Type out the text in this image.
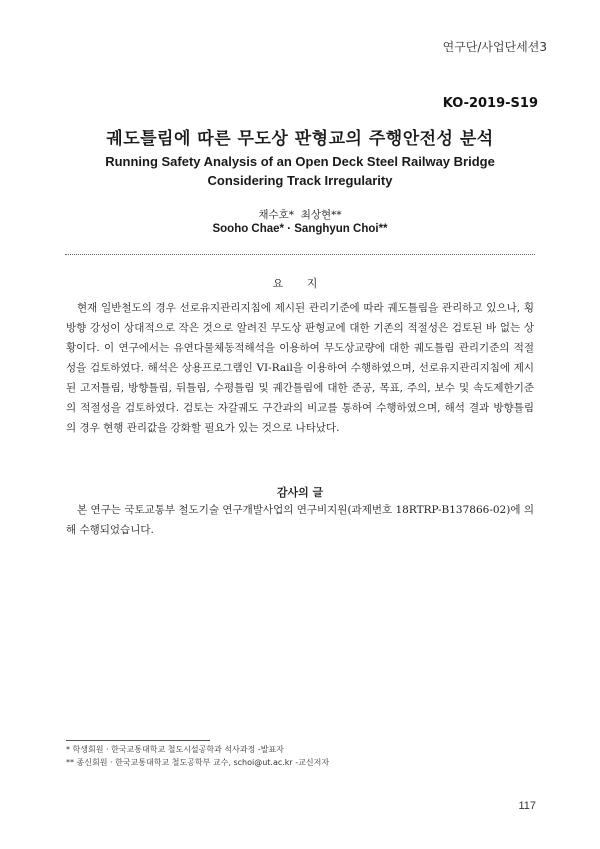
연구단/사업단세션3
KO-2019-S19
궤도틀림에 따른 무도상 판형교의 주행안전성 분석
Running Safety Analysis of an Open Deck Steel Railway Bridge
Considering Track Irregularity
채수호*  최상현**
Sooho Chae* · Sanghyun Choi**
요 지
현재 일반철도의 경우 선로유지관리지침에 제시된 관리기준에 따라 궤도틀림을 관리하고 있으나, 횡방향 강성이 상대적으로 작은 것으로 알려진 무도상 판형교에 대한 기존의 적절성은 검토된 바 없는 상황이다. 이 연구에서는 유연다물체동적해석을 이용하여 무도상교량에 대한 궤도틀림 관리기준의 적절성을 검토하였다. 해석은 상용프로그램인 VI-Rail을 이용하여 수행하였으며, 선로유지관리지침에 제시된 고저틀림, 방향틀림, 뒤틀림, 수평틀림 및 궤간틀림에 대한 준공, 목표, 주의, 보수 및 속도제한기준의 적절성을 검토하였다. 검토는 자갈궤도 구간과의 비교를 통하여 수행하였으며, 해석 결과 방향틀림의 경우 현행 관리값을 강화할 필요가 있는 것으로 나타났다.
감사의 글
본 연구는 국토교통부 철도기술 연구개발사업의 연구비지원(과제번호 18RTRP-B137866-02)에 의해 수행되었습니다.
* 학생회원 · 한국교통대학교 철도시설공학과 석사과정 -발표자
** 종신회원 · 한국교통대학교 철도공학부 교수, schoi@ut.ac.kr -교신저자
117
